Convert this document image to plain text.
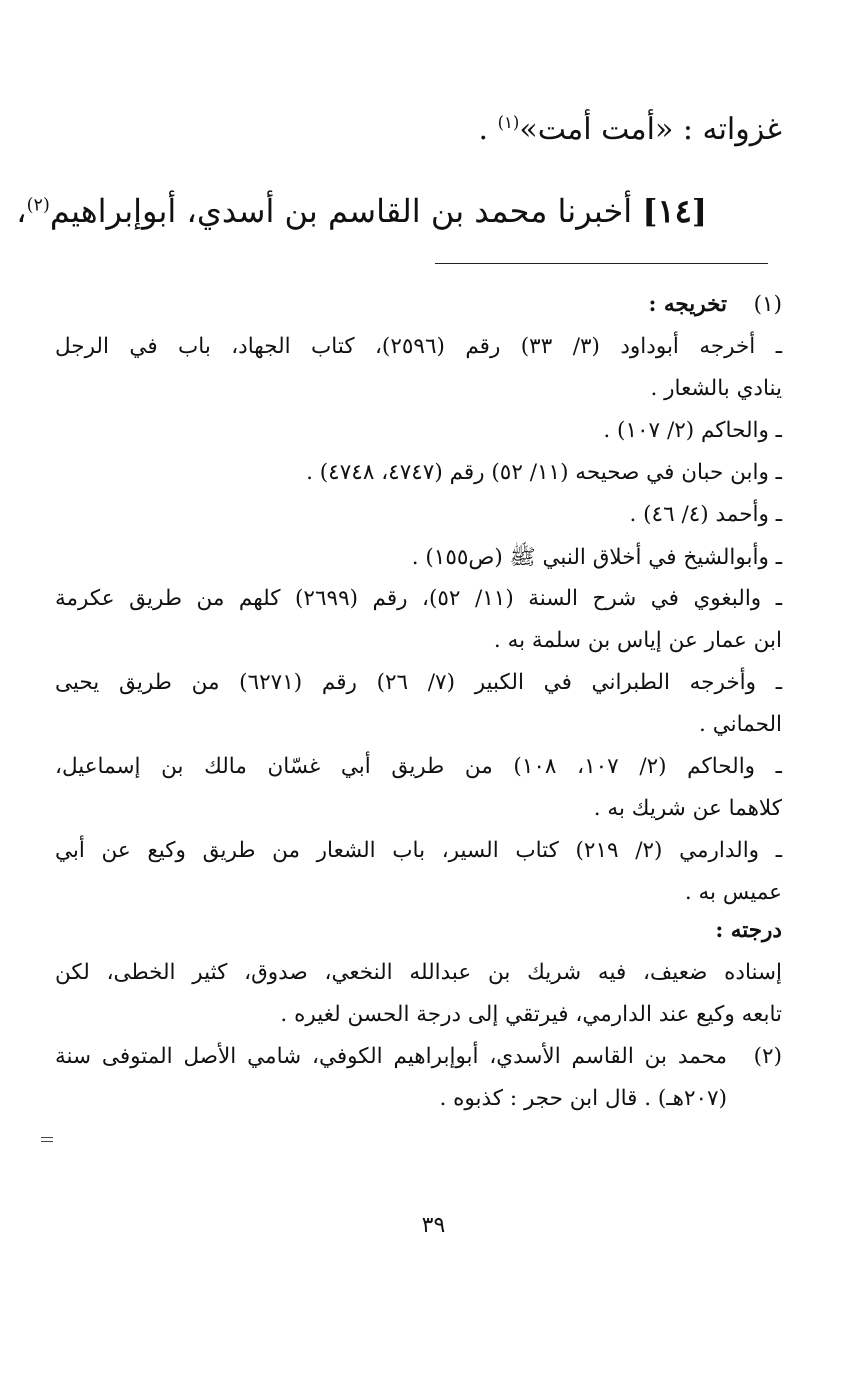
غزواته : «أمت أمت»$^{(١)}$ .
[١٤] أخبرنا محمد بن القاسم بن أسدي، أبوإبراهيم$^{(٢)}$،
(١)
تخريجه :
ـ أخرجه أبوداود (٣/ ٣٣) رقم (٢٥٩٦)، كتاب الجهاد، باب في الرجل
ينادي بالشعار .
ـ والحاكم (٢/ ١٠٧) .
ـ وابن حبان في صحيحه (١١/ ٥٢) رقم (٤٧٤٧، ٤٧٤٨) .
ـ وأحمد (٤/ ٤٦) .
ـ وأبوالشيخ في أخلاق النبي ﷺ (ص١٥٥) .
ـ والبغوي في شرح السنة (١١/ ٥٢)، رقم (٢٦٩٩) كلهم من طريق عكرمة
ابن عمار عن إياس بن سلمة به .
ـ وأخرجه الطبراني في الكبير (٧/ ٢٦) رقم (٦٢٧١) من طريق يحيى
الحماني .
ـ والحاكم (٢/ ١٠٧، ١٠٨) من طريق أبي غسّان مالك بن إسماعيل،
كلاهما عن شريك به .
ـ والدارمي (٢/ ٢١٩) كتاب السير، باب الشعار من طريق وكيع عن أبي
عميس به .
درجته :
إسناده ضعيف، فيه شريك بن عبدالله النخعي، صدوق، كثير الخطى، لكن
تابعه وكيع عند الدارمي، فيرتقي إلى درجة الحسن لغيره .
(٢)
محمد بن القاسم الأسدي، أبوإبراهيم الكوفي، شامي الأصل المتوفى سنة
(٢٠٧هـ) . قال ابن حجر : كذبوه .
٣٩
